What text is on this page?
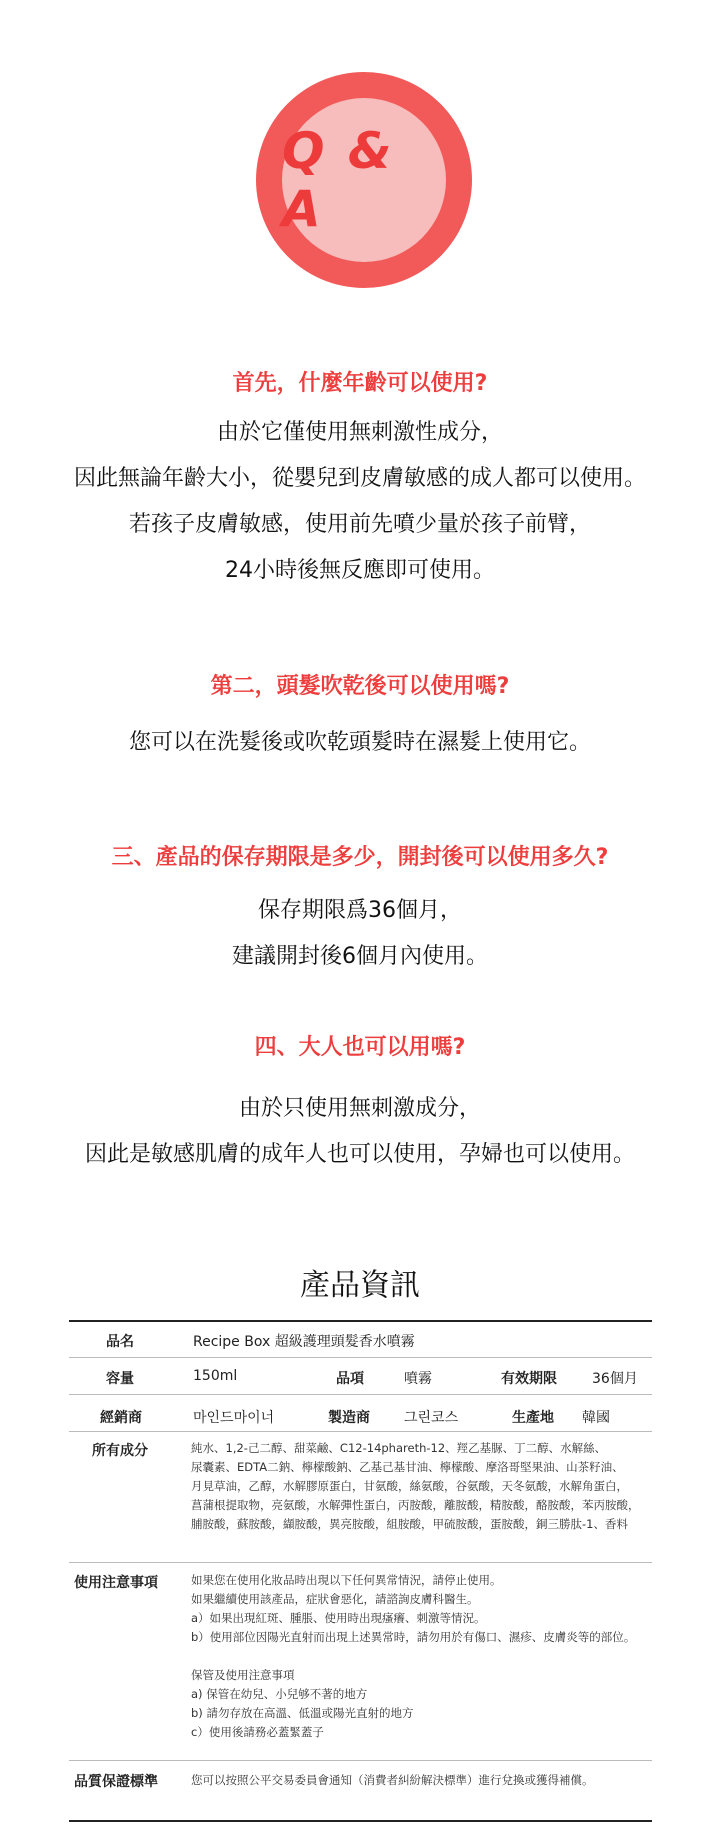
Q & A
首先，什麼年齡可以使用?
由於它僅使用無刺激性成分，
因此無論年齡大小，從嬰兒到皮膚敏感的成人都可以使用。
若孩子皮膚敏感，使用前先噴少量於孩子前臂，
24小時後無反應即可使用。
第二，頭髮吹乾後可以使用嗎?
您可以在洗髮後或吹乾頭髮時在濕髮上使用它。
三、產品的保存期限是多少，開封後可以使用多久?
保存期限爲36個月，
建議開封後6個月內使用。
四、大人也可以用嗎?
由於只使用無刺激成分，
因此是敏感肌膚的成年人也可以使用，孕婦也可以使用。
產品資訊
品名	Recipe Box 超級護理頭髮香水噴霧
容量	150ml	品項	噴霧	有效期限	36個月
經銷商	마인드마이너	製造商 그린코스	生產地 韓國
所有成分	純水、1,2-己二醇、甜菜鹼、C12-14phareth-12、羥乙基脲、丁二醇、水解絲、
尿囊素、EDTA二鈉、檸檬酸鈉、乙基己基甘油、檸檬酸、摩洛哥堅果油、山茶籽油、
月見草油，乙醇，水解膠原蛋白，甘氨酸，絲氨酸，谷氨酸，天冬氨酸，水解角蛋白，
菖蒲根提取物，亮氨酸，水解彈性蛋白，丙胺酸，離胺酸，精胺酸，酪胺酸，苯丙胺酸，
脯胺酸，蘇胺酸，纈胺酸，異亮胺酸，組胺酸，甲硫胺酸，蛋胺酸，銅三勝肽-1、香料
使用注意事項	如果您在使用化妝品時出現以下任何異常情況，請停止使用。
如果繼續使用該產品，症狀會惡化，請諮詢皮膚科醫生。
a）如果出現紅斑、腫脹、使用時出現瘙癢、刺激等情況。
b）使用部位因陽光直射而出現上述異常時，請勿用於有傷口、濕疹、皮膚炎等的部位。
保管及使用注意事項
a) 保管在幼兒、小兒够不著的地方
b) 請勿存放在高溫、低溫或陽光直射的地方
c）使用後請務必蓋緊蓋子
品質保證標準	您可以按照公平交易委員會通知（消費者糾紛解決標準）進行兌換或獲得補償。
